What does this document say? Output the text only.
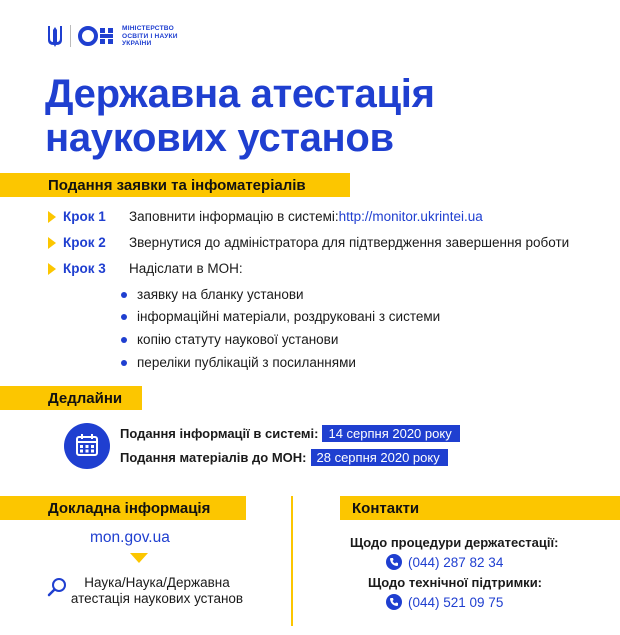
МІНІСТЕРСТВО
ОСВІТИ І НАУКИ
УКРАЇНИ
Державна атестація
наукових установ
Подання заявки та інфоматеріалів
Крок 1	Заповнити інформацію в системі: http://monitor.ukrintei.ua
Крок 2	Звернутися до адміністратора для підтвердження завершення роботи
Крок 3	Надіслати в МОН:
заявку на бланку установи
інформаційні матеріали, роздруковані з системи
копію статуту наукової установи
переліки публікацій з посиланнями
Дедлайни
Подання інформації в системі: 14 серпня 2020 року
Подання матеріалів до МОН: 28 серпня 2020 року
Докладна інформація
mon.gov.ua
Наука/Наука/Державна
атестація наукових установ
Контакти
Щодо процедури держатестації:
(044) 287 82 34
Щодо технічної підтримки:
(044) 521 09 75
